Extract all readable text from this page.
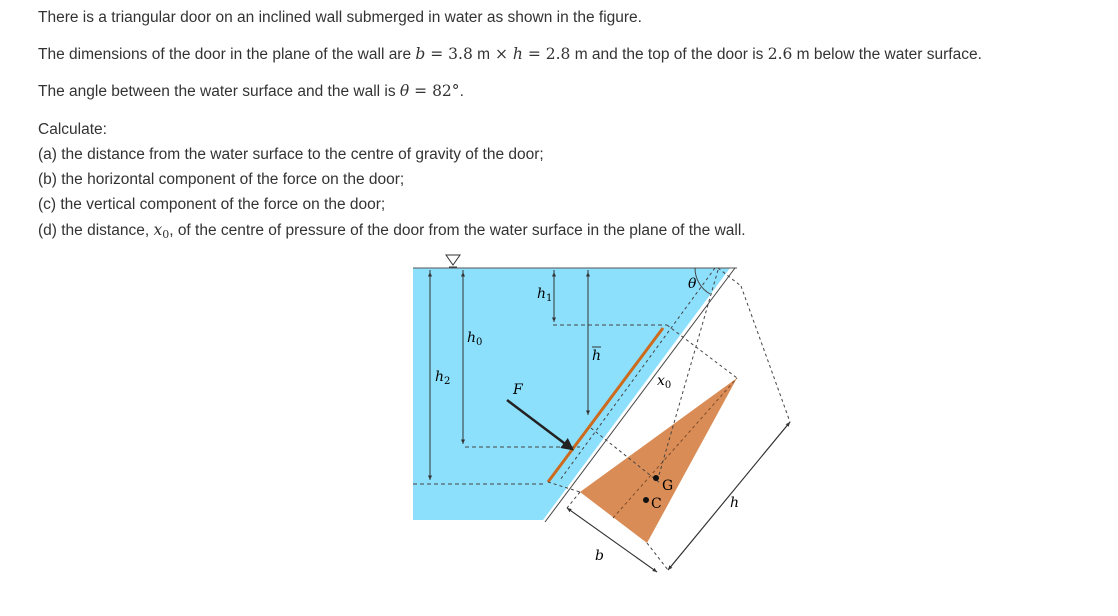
There is a triangular door on an inclined wall submerged in water as shown in the figure.
The dimensions of the door in the plane of the wall are b = 3.8 m × h = 2.8 m and the top of the door is 2.6 m below the water surface.
The angle between the water surface and the wall is θ = 82°.
Calculate:
(a) the distance from the water surface to the centre of gravity of the door;
(b) the horizontal component of the force on the door;
(c) the vertical component of the force on the door;
(d) the distance, $x_0$, of the centre of pressure of the door from the water surface in the plane of the wall.
$h_1$
$h_0$
$h_2$
h
F
$x_0$
θ
G
C	h
b
